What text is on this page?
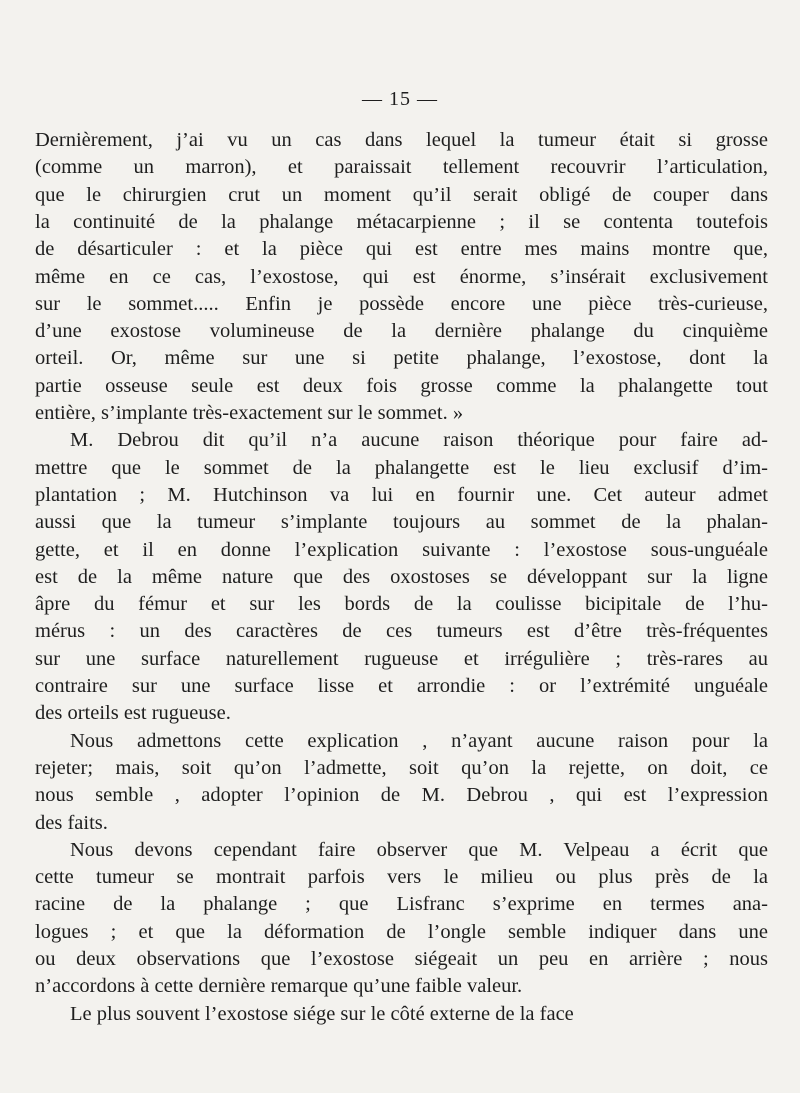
— 15 —
Dernièrement, j’ai vu un cas dans lequel la tumeur était si grosse
(comme un marron), et paraissait tellement recouvrir l’articulation,
que le chirurgien crut un moment qu’il serait obligé de couper dans
la continuité de la phalange métacarpienne ; il se contenta toutefois
de désarticuler : et la pièce qui est entre mes mains montre que,
même en ce cas, l’exostose, qui est énorme, s’insérait exclusivement
sur le sommet..... Enfin je possède encore une pièce très-curieuse,
d’une exostose volumineuse de la dernière phalange du cinquième
orteil. Or, même sur une si petite phalange, l’exostose, dont la
partie osseuse seule est deux fois grosse comme la phalangette tout
entière, s’implante très-exactement sur le sommet. »
M. Debrou dit qu’il n’a aucune raison théorique pour faire ad-
mettre que le sommet de la phalangette est le lieu exclusif d’im-
plantation ; M. Hutchinson va lui en fournir une. Cet auteur admet
aussi que la tumeur s’implante toujours au sommet de la phalan-
gette, et il en donne l’explication suivante : l’exostose sous-unguéale
est de la même nature que des oxostoses se développant sur la ligne
âpre du fémur et sur les bords de la coulisse bicipitale de l’hu-
mérus : un des caractères de ces tumeurs est d’être très-fréquentes
sur une surface naturellement rugueuse et irrégulière ; très-rares au
contraire sur une surface lisse et arrondie : or l’extrémité unguéale
des orteils est rugueuse.
Nous admettons cette explication , n’ayant aucune raison pour la
rejeter; mais, soit qu’on l’admette, soit qu’on la rejette, on doit, ce
nous semble , adopter l’opinion de M. Debrou , qui est l’expression
des faits.
Nous devons cependant faire observer que M. Velpeau a écrit que
cette tumeur se montrait parfois vers le milieu ou plus près de la
racine de la phalange ; que Lisfranc s’exprime en termes ana-
logues ; et que la déformation de l’ongle semble indiquer dans une
ou deux observations que l’exostose siégeait un peu en arrière ; nous
n’accordons à cette dernière remarque qu’une faible valeur.
Le plus souvent l’exostose siége sur le côté externe de la face
